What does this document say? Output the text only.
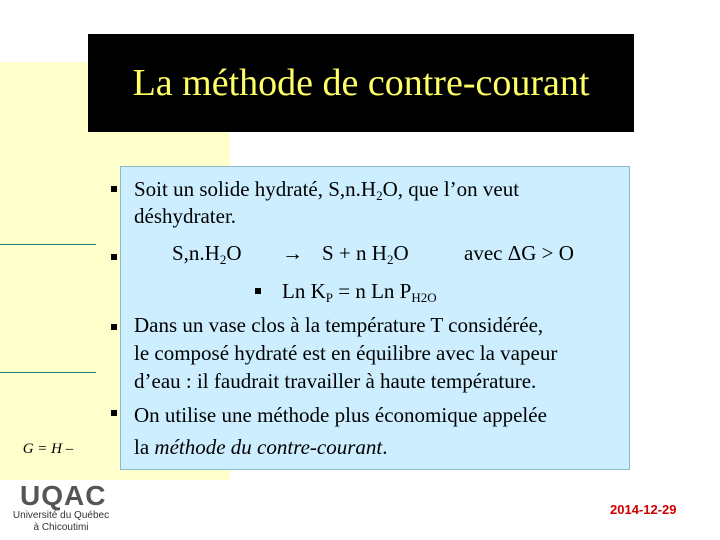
La méthode de contre-courant
Soit un solide hydraté, $S,n.H_2O$, que l’on veut
déshydrater.
$S,n.H_2O \to S + n$ $H_2O$	avec ΔG > O
Ln $K_P = n$ Ln $P_{H2O}$
Dans un vase clos à la température T considérée,
le composé hydraté est en équilibre avec la vapeur
d’eau : il faudrait travailler à haute température.
On utilise une méthode plus économique appelée
la méthode du contre-courant.
G = H –
UQAC
Université du Québec
à Chicoutimi
2014-12-29
